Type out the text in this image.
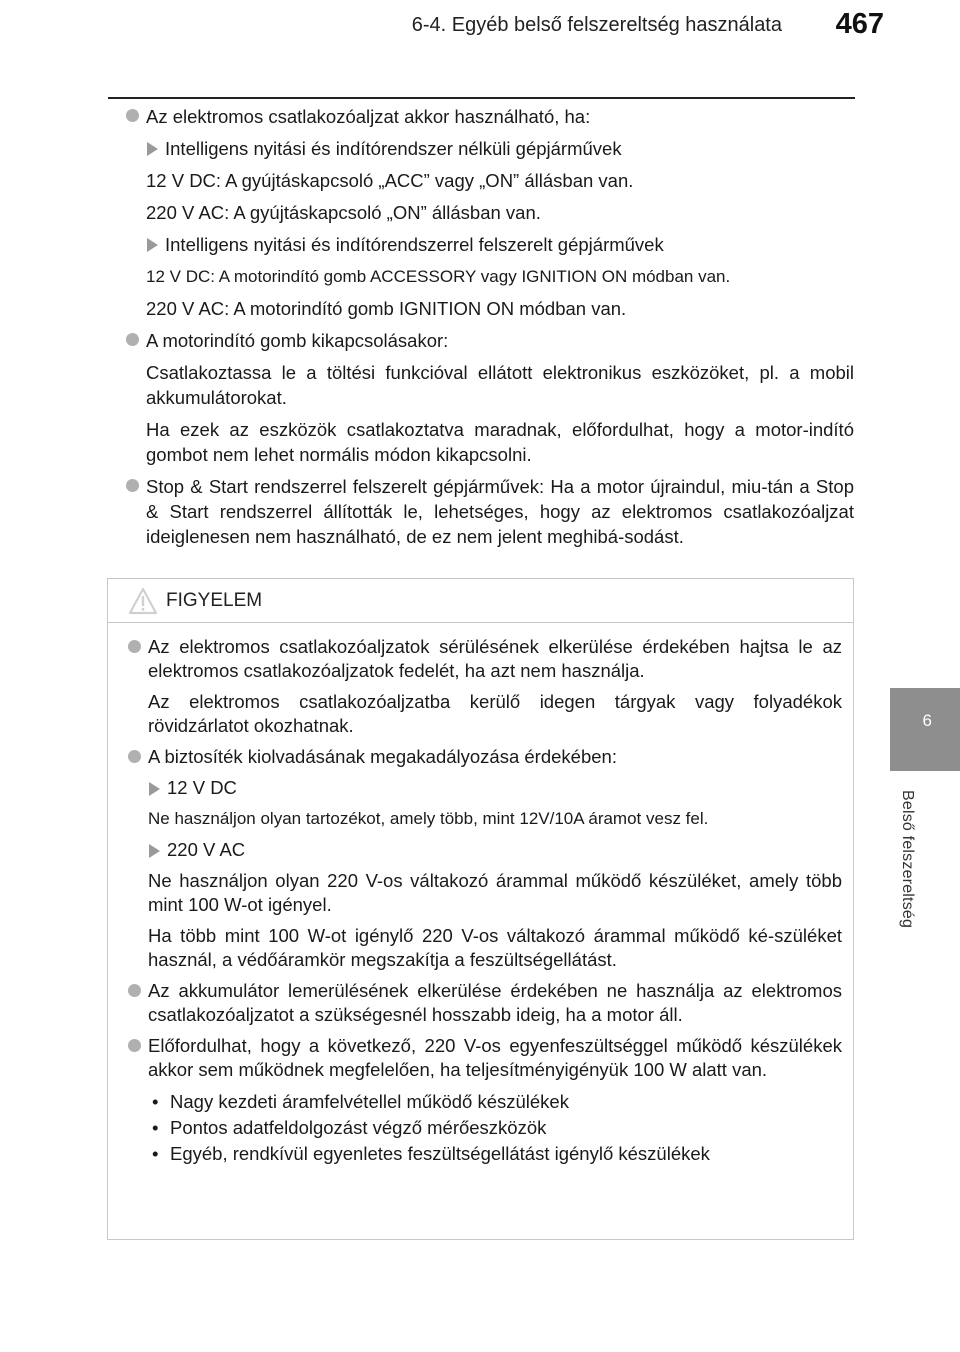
6-4. Egyéb belső felszereltség használata 467
6
Belső felszereltség

Az elektromos csatlakozóaljzat akkor használható, ha:

Intelligens nyitási és indítórendszer nélküli gépjárművek

12 V DC: A gyújtáskapcsoló „ACC” vagy „ON” állásban van.

220 V AC: A gyújtáskapcsoló „ON” állásban van.

Intelligens nyitási és indítórendszerrel felszerelt gépjárművek

12 V DC: A motorindító gomb ACCESSORY vagy IGNITION ON módban van.

220 V AC: A motorindító gomb IGNITION ON módban van.

A motorindító gomb kikapcsolásakor:

Csatlakoztassa le a töltési funkcióval ellátott elektronikus eszközöket, pl. a mobil akkumulátorokat.

Ha ezek az eszközök csatlakoztatva maradnak, előfordulhat, hogy a motor-indító gombot nem lehet normális módon kikapcsolni.

Stop & Start rendszerrel felszerelt gépjárművek: Ha a motor újraindul, miu-tán a Stop & Start rendszerrel állították le, lehetséges, hogy az elektromos csatlakozóaljzat ideiglenesen nem használható, de ez nem jelent meghibá-sodást.

FIGYELEM

Az elektromos csatlakozóaljzatok sérülésének elkerülése érdekében hajtsa le az elektromos csatlakozóaljzatok fedelét, ha azt nem használja.

Az elektromos csatlakozóaljzatba kerülő idegen tárgyak vagy folyadékok rövidzárlatot okozhatnak.

A biztosíték kiolvadásának megakadályozása érdekében:

12 V DC

Ne használjon olyan tartozékot, amely több, mint 12V/10A áramot vesz fel.

220 V AC

Ne használjon olyan 220 V-os váltakozó árammal működő készüléket, amely több mint 100 W-ot igényel.

Ha több mint 100 W-ot igénylő 220 V-os váltakozó árammal működő ké-szüléket használ, a védőáramkör megszakítja a feszültségellátást.

Az akkumulátor lemerülésének elkerülése érdekében ne használja az elektromos csatlakozóaljzatot a szükségesnél hosszabb ideig, ha a motor áll.

Előfordulhat, hogy a következő, 220 V-os egyenfeszültséggel működő készülékek akkor sem működnek megfelelően, ha teljesítményigényük 100 W alatt van.

• Nagy kezdeti áramfelvétellel működő készülékek
• Pontos adatfeldolgozást végző mérőeszközök
• Egyéb, rendkívül egyenletes feszültségellátást igénylő készülékek
